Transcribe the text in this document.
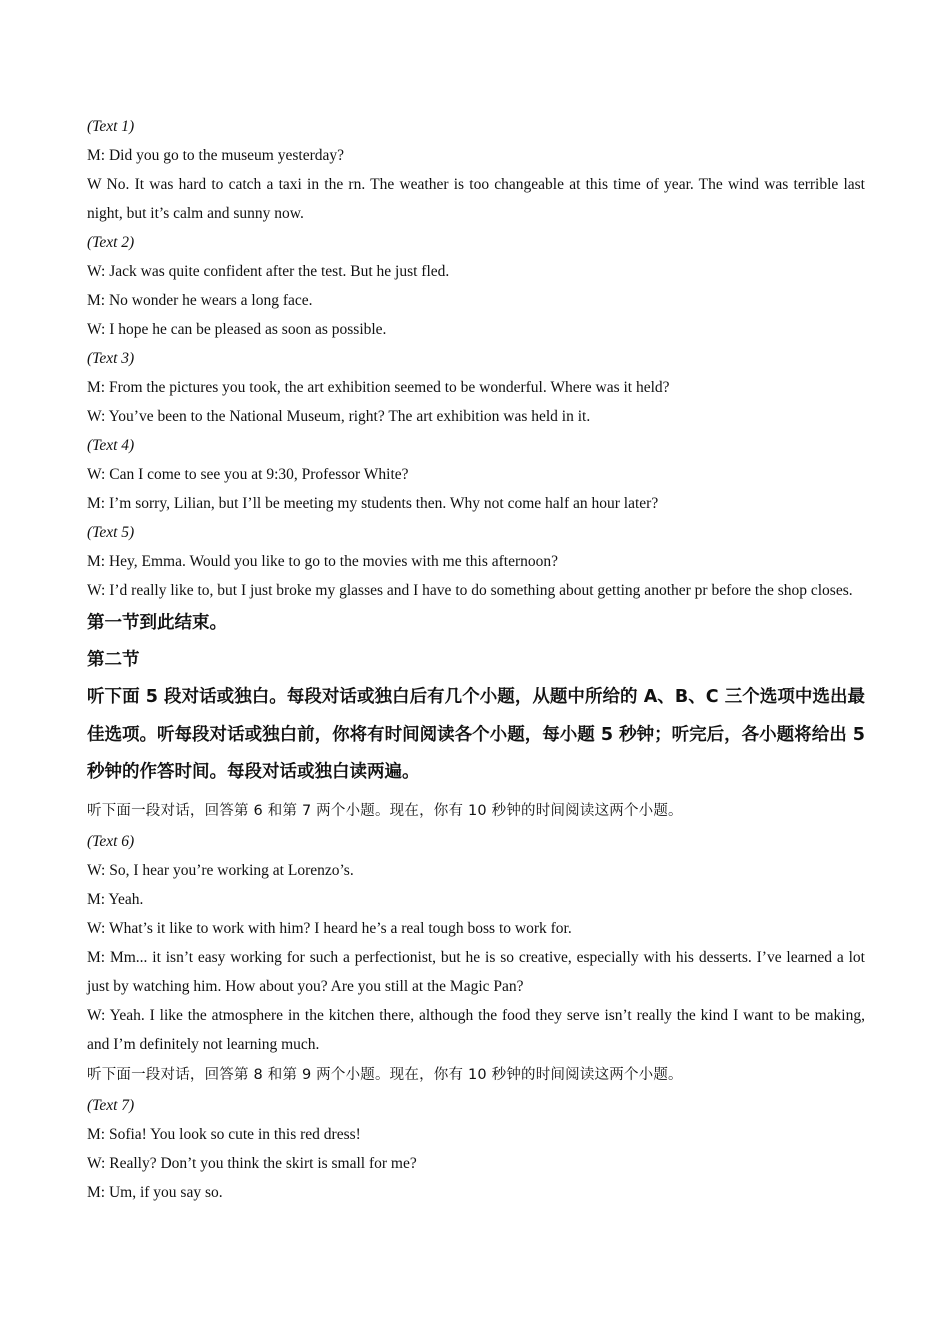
(Text 1)

M: Did you go to the museum yesterday?

W No. It was hard to catch a taxi in the rn. The weather is too changeable at this time of year. The wind was terrible last night, but it’s calm and sunny now.

(Text 2)

W: Jack was quite confident after the test. But he just fled.

M: No wonder he wears a long face.

W: I hope he can be pleased as soon as possible.

(Text 3)

M: From the pictures you took, the art exhibition seemed to be wonderful. Where was it held?

W: You’ve been to the National Museum, right? The art exhibition was held in it.

(Text 4)

W: Can I come to see you at 9:30, Professor White?

M: I’m sorry, Lilian, but I’ll be meeting my students then. Why not come half an hour later?

(Text 5)

M: Hey, Emma. Would you like to go to the movies with me this afternoon?

W: I’d really like to, but I just broke my glasses and I have to do something about getting another pr before the shop closes.

第一节到此结束。

第二节

听下面 5 段对话或独白。每段对话或独白后有几个小题，从题中所给的 A、B、C 三个选项中选出最佳选项。听每段对话或独白前，你将有时间阅读各个小题，每小题 5 秒钟；听完后，各小题将给出 5 秒钟的作答时间。每段对话或独白读两遍。

听下面一段对话，回答第 6 和第 7 两个小题。现在，你有 10 秒钟的时间阅读这两个小题。

(Text 6)

W: So, I hear you’re working at Lorenzo’s.

M: Yeah.

W: What’s it like to work with him? I heard he’s a real tough boss to work for.

M: Mm... it isn’t easy working for such a perfectionist, but he is so creative, especially with his desserts. I’ve learned a lot just by watching him. How about you? Are you still at the Magic Pan?

W: Yeah. I like the atmosphere in the kitchen there, although the food they serve isn’t really the kind I want to be making, and I’m definitely not learning much.

听下面一段对话，回答第 8 和第 9 两个小题。现在，你有 10 秒钟的时间阅读这两个小题。

(Text 7)

M: Sofia! You look so cute in this red dress!

W: Really? Don’t you think the skirt is small for me?

M: Um, if you say so.
